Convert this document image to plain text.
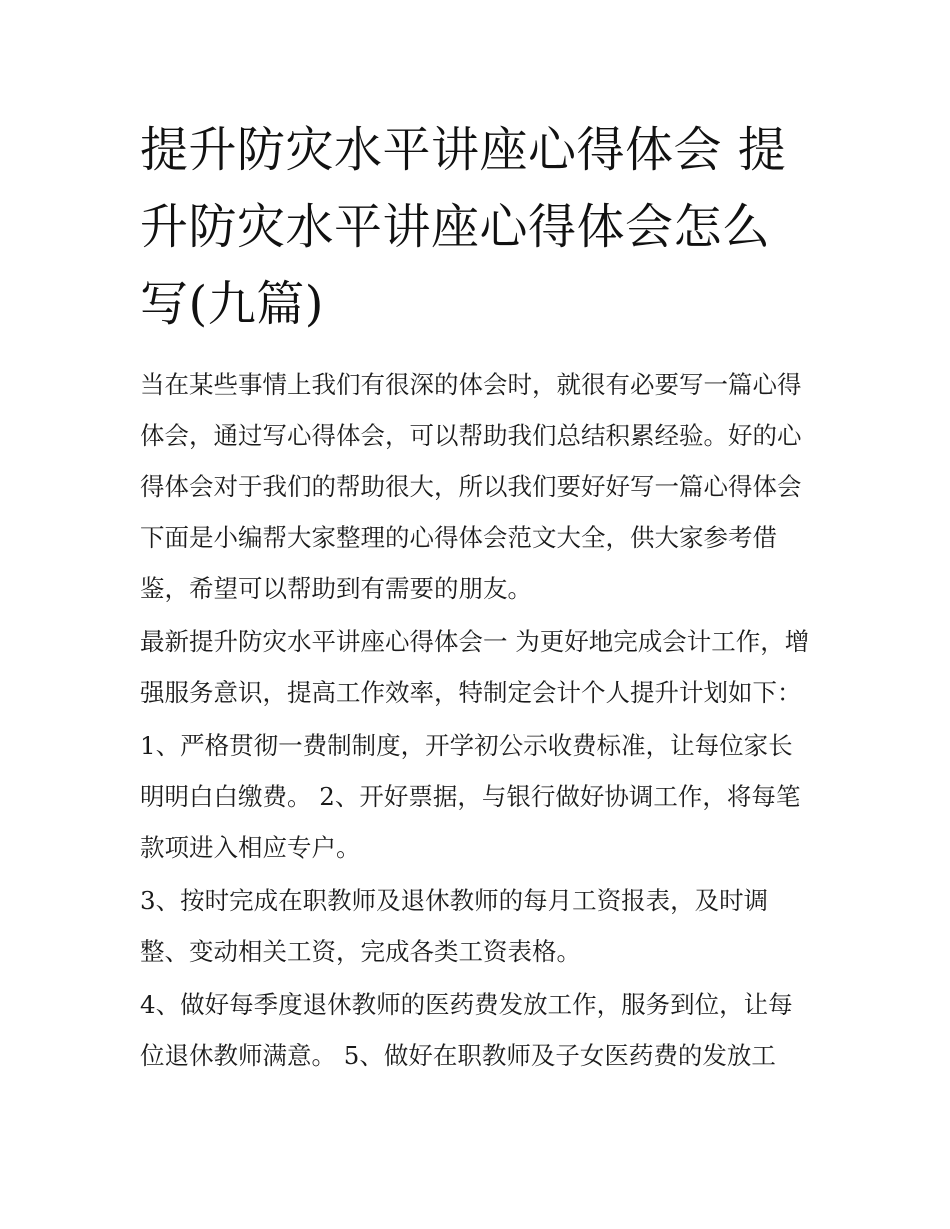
提升防灾水平讲座心得体会 提升防灾水平讲座心得体会怎么写(九篇)

当在某些事情上我们有很深的体会时，就很有必要写一篇心得体会，通过写心得体会，可以帮助我们总结积累经验。好的心得体会对于我们的帮助很大，所以我们要好好写一篇心得体会下面是小编帮大家整理的心得体会范文大全，供大家参考借鉴，希望可以帮助到有需要的朋友。

最新提升防灾水平讲座心得体会一 为更好地完成会计工作，增强服务意识，提高工作效率，特制定会计个人提升计划如下：

1、严格贯彻一费制制度，开学初公示收费标准，让每位家长明明白白缴费。 2、开好票据，与银行做好协调工作，将每笔款项进入相应专户。

3、按时完成在职教师及退休教师的每月工资报表，及时调整、变动相关工资，完成各类工资表格。

4、做好每季度退休教师的医药费发放工作，服务到位，让每位退休教师满意。 5、做好在职教师及子女医药费的发放工
